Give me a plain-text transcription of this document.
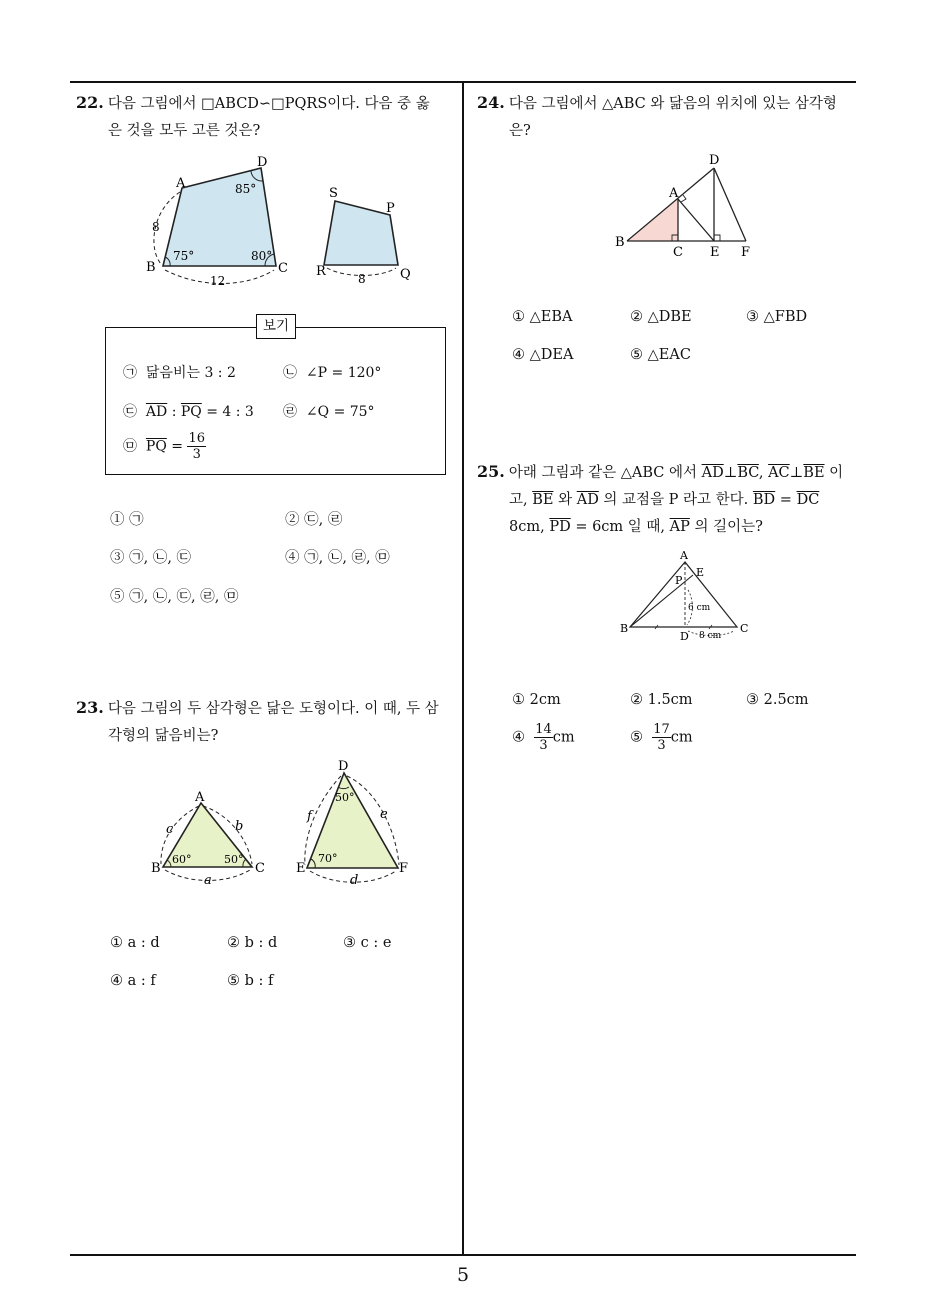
22. 다음 그림에서 □ABCD∽□PQRS이다. 다음 중 옳
은 것을 모두 고른 것은?
A
D
B	C
85°
75°	80°
8
12
S
P
R	Q
8
보기
㉠ 닮음비는 3 : 2	㉡ ∠P = 120°
㉢ $\overline{AD}$ : $\overline{PQ} = 4$ : 3 ㉣ ∠Q = 75°
㉤ $\overline{PQ} = \frac{16}{3}$
① ㉠	② ㉢, ㉣
③ ㉠, ㉡, ㉢	④ ㉠, ㉡, ㉣, ㉤
⑤ ㉠, ㉡, ㉢, ㉣, ㉤
23. 다음 그림의 두 삼각형은 닮은 도형이다. 이 때, 두 삼
각형의 닮음비는?
A
B	C
60°	50°
c	b
a
D
E	F
50°
70°
f	e
d
① a : d	② b : d	③ c : e
④ a : f	⑤ b : f
24. 다음 그림에서 △ABC 와 닮음의 위치에 있는 삼각형
은?
D
A
B
C E F
① △EBA	② △DBE	③ △FBD
④ △DEA	⑤ △EAC
25. 아래 그림과 같은 △ABC 에서 $\overline{AD}\perp\overline{BC}$, $\overline{AC}\perp\overline{BE}$ 이
고, $\overline{BE}$ 와 $\overline{AD}$ 의 교점을 P 라고 한다. $\overline{BD} = \overline{DC}$
8cm, $\overline{PD} = 6cm$ 일 때, $\overline{AP}$ 의 길이는?
A
E
P
B	C
D
6 cm
8 cm
① 2cm	② 1.5cm	③ 2.5cm
④ $\frac{14}{3}$ cm	⑤ $\frac{17}{3}$ cm
5
